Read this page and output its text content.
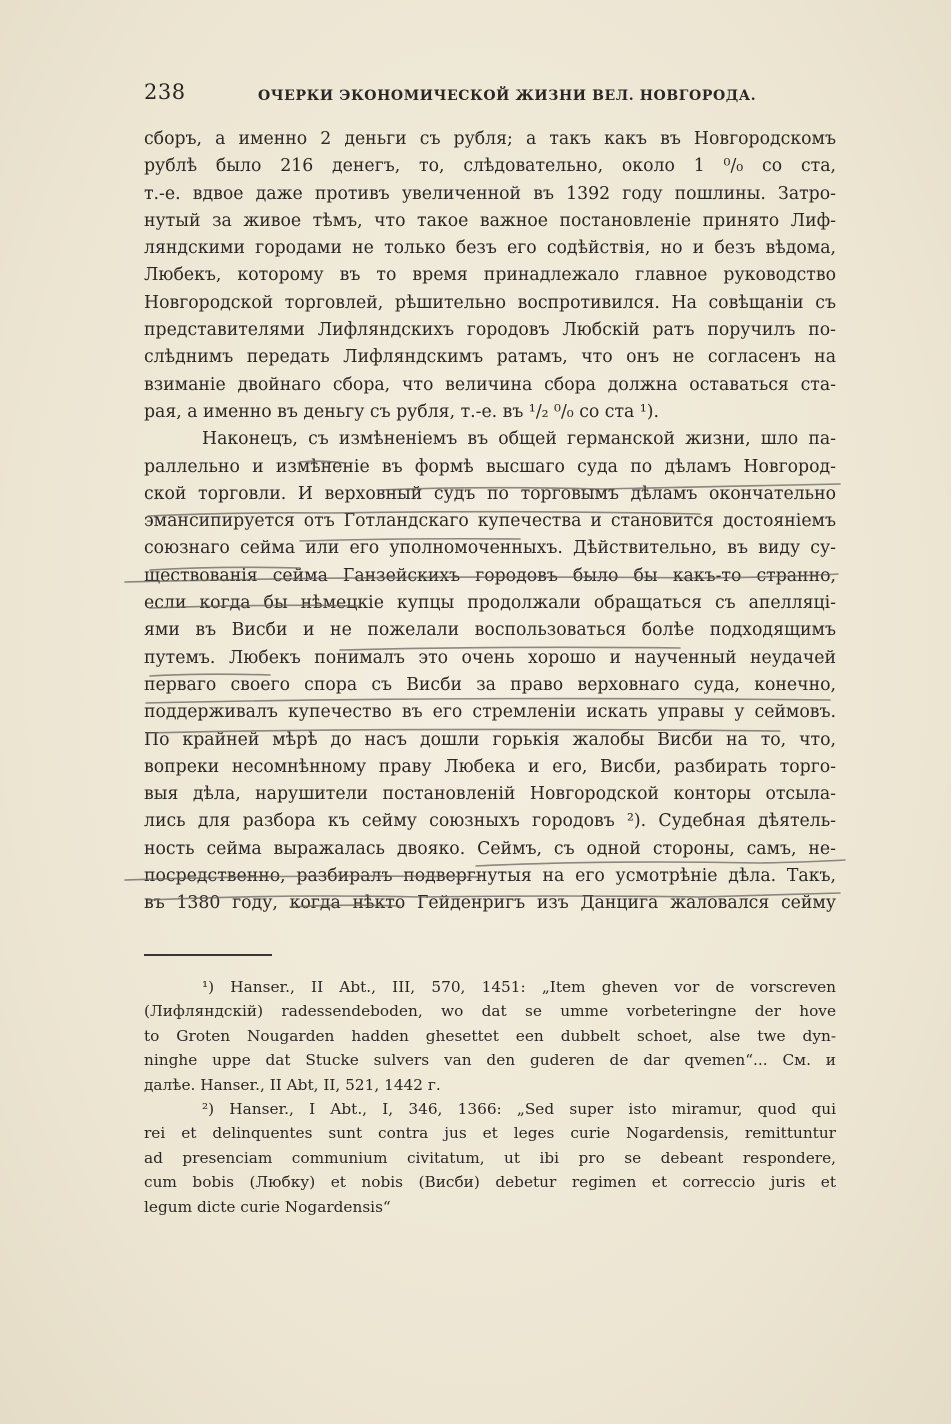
238	ОЧЕРКИ ЭКОНОМИЧЕСКОЙ ЖИЗНИ ВЕЛ. НОВГОРОДА.
сборъ, а именно 2 деньги съ рубля; а такъ какъ въ Новгородскомъ
рублѣ было 216 денегъ, то, слѣдовательно, около 1 ⁰/₀ со ста,
т.-е. вдвое даже противъ увеличенной въ 1392 году пошлины. Затро-
нутый за живое тѣмъ, что такое важное постановленіе принято Лиф-
ляндскими городами не только безъ его содѣйствія, но и безъ вѣдома,
Любекъ, которому въ то время принадлежало главное руководство
Новгородской торговлей, рѣшительно воспротивился. На совѣщаніи съ
представителями Лифляндскихъ городовъ Любскій ратъ поручилъ по-
слѣднимъ передать Лифляндскимъ ратамъ, что онъ не согласенъ на
взиманіе двойнаго сбора, что величина сбора должна оставаться ста-
рая, а именно въ деньгу съ рубля, т.-е. въ ¹/₂ ⁰/₀ со ста ¹).
Наконецъ, съ измѣненіемъ въ общей германской жизни, шло па-
раллельно и измѣненіе въ формѣ высшаго суда по дѣламъ Новгород-
ской торговли. И верховный судъ по торговымъ дѣламъ окончательно
эмансипируется отъ Готландскаго купечества и становится достояніемъ
союзнаго сейма или его уполномоченныхъ. Дѣйствительно, въ виду су-
ществованія сейма Ганзейскихъ городовъ было бы какъ-то странно,
если когда бы нѣмецкіе купцы продолжали обращаться съ апелляці-
ями въ Висби и не пожелали воспользоваться болѣе подходящимъ
путемъ. Любекъ понималъ это очень хорошо и наученный неудачей
перваго своего спора съ Висби за право верховнаго суда, конечно,
поддерживалъ купечество въ его стремленіи искать управы у сеймовъ.
По крайней мѣрѣ до насъ дошли горькія жалобы Висби на то, что,
вопреки несомнѣнному праву Любека и его, Висби, разбирать торго-
выя дѣла, нарушители постановленій Новгородской конторы отсыла-
лись для разбора къ сейму союзныхъ городовъ ²). Судебная дѣятель-
ность сейма выражалась двояко. Сеймъ, съ одной стороны, самъ, не-
посредственно, разбиралъ подвергнутыя на его усмотрѣніе дѣла. Такъ,
въ 1380 году, когда нѣкто Гейденригъ изъ Данцига жаловался сейму
¹) Hanser., II Abt., III, 570, 1451: „Item gheven vor de vorscreven
(Лифляндскій) radessendeboden, wo dat se umme vorbeteringne der hove
to Groten Nougarden hadden ghesettet een dubbelt schoet, alse twe dyn-
ninghe uppe dat Stucke sulvers van den guderen de dar qvemen“... См. и
далѣе. Hanser., II Abt, II, 521, 1442 г.
²) Hanser., I Abt., I, 346, 1366: „Sed super isto miramur, quod qui
rei et delinquentes sunt contra jus et leges curie Nogardensis, remittuntur
ad presenciam communium civitatum, ut ibi pro se debeant respondere,
cum bobis (Любку) et nobis (Висби) debetur regimen et correccio juris et
legum dicte curie Nogardensis“
